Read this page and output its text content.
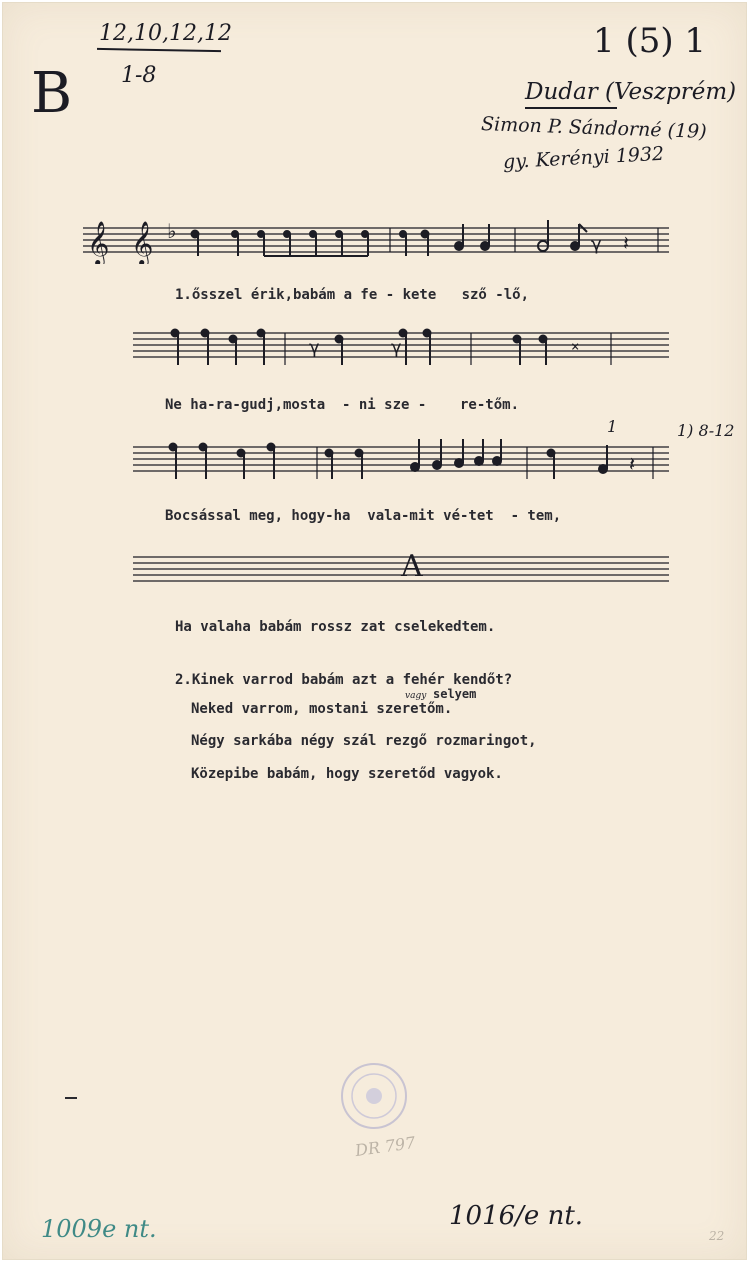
12,10,12,12
1-8
B
1 (5) 1
Dudar (Veszprém)
Simon P. Sándorné (19)
gy. Kerényi 1932
𝄞 𝄞 ♭
γ 𝄽
1.ősszel érik,babám a fe - kete   sző -lő,
γ	γ	×
Ne ha-ra-gudj,mosta  - ni sze -    re-tőm.
𝄽
1	1) 8-12
Bocsással meg, hogy-ha  vala-mit vé-tet  - tem,
A
Ha valaha babám rossz zat cselekedtem.
2.Kinek varrod babám azt a fehér kendőt?
selyem
vagy
Neked varrom, mostani szeretőm.
Négy sarkába négy szál rezgő rozmaringot,
Közepibe babám, hogy szeretőd vagyok.
DR 797
1009e nt.	1016/e nt.
22
